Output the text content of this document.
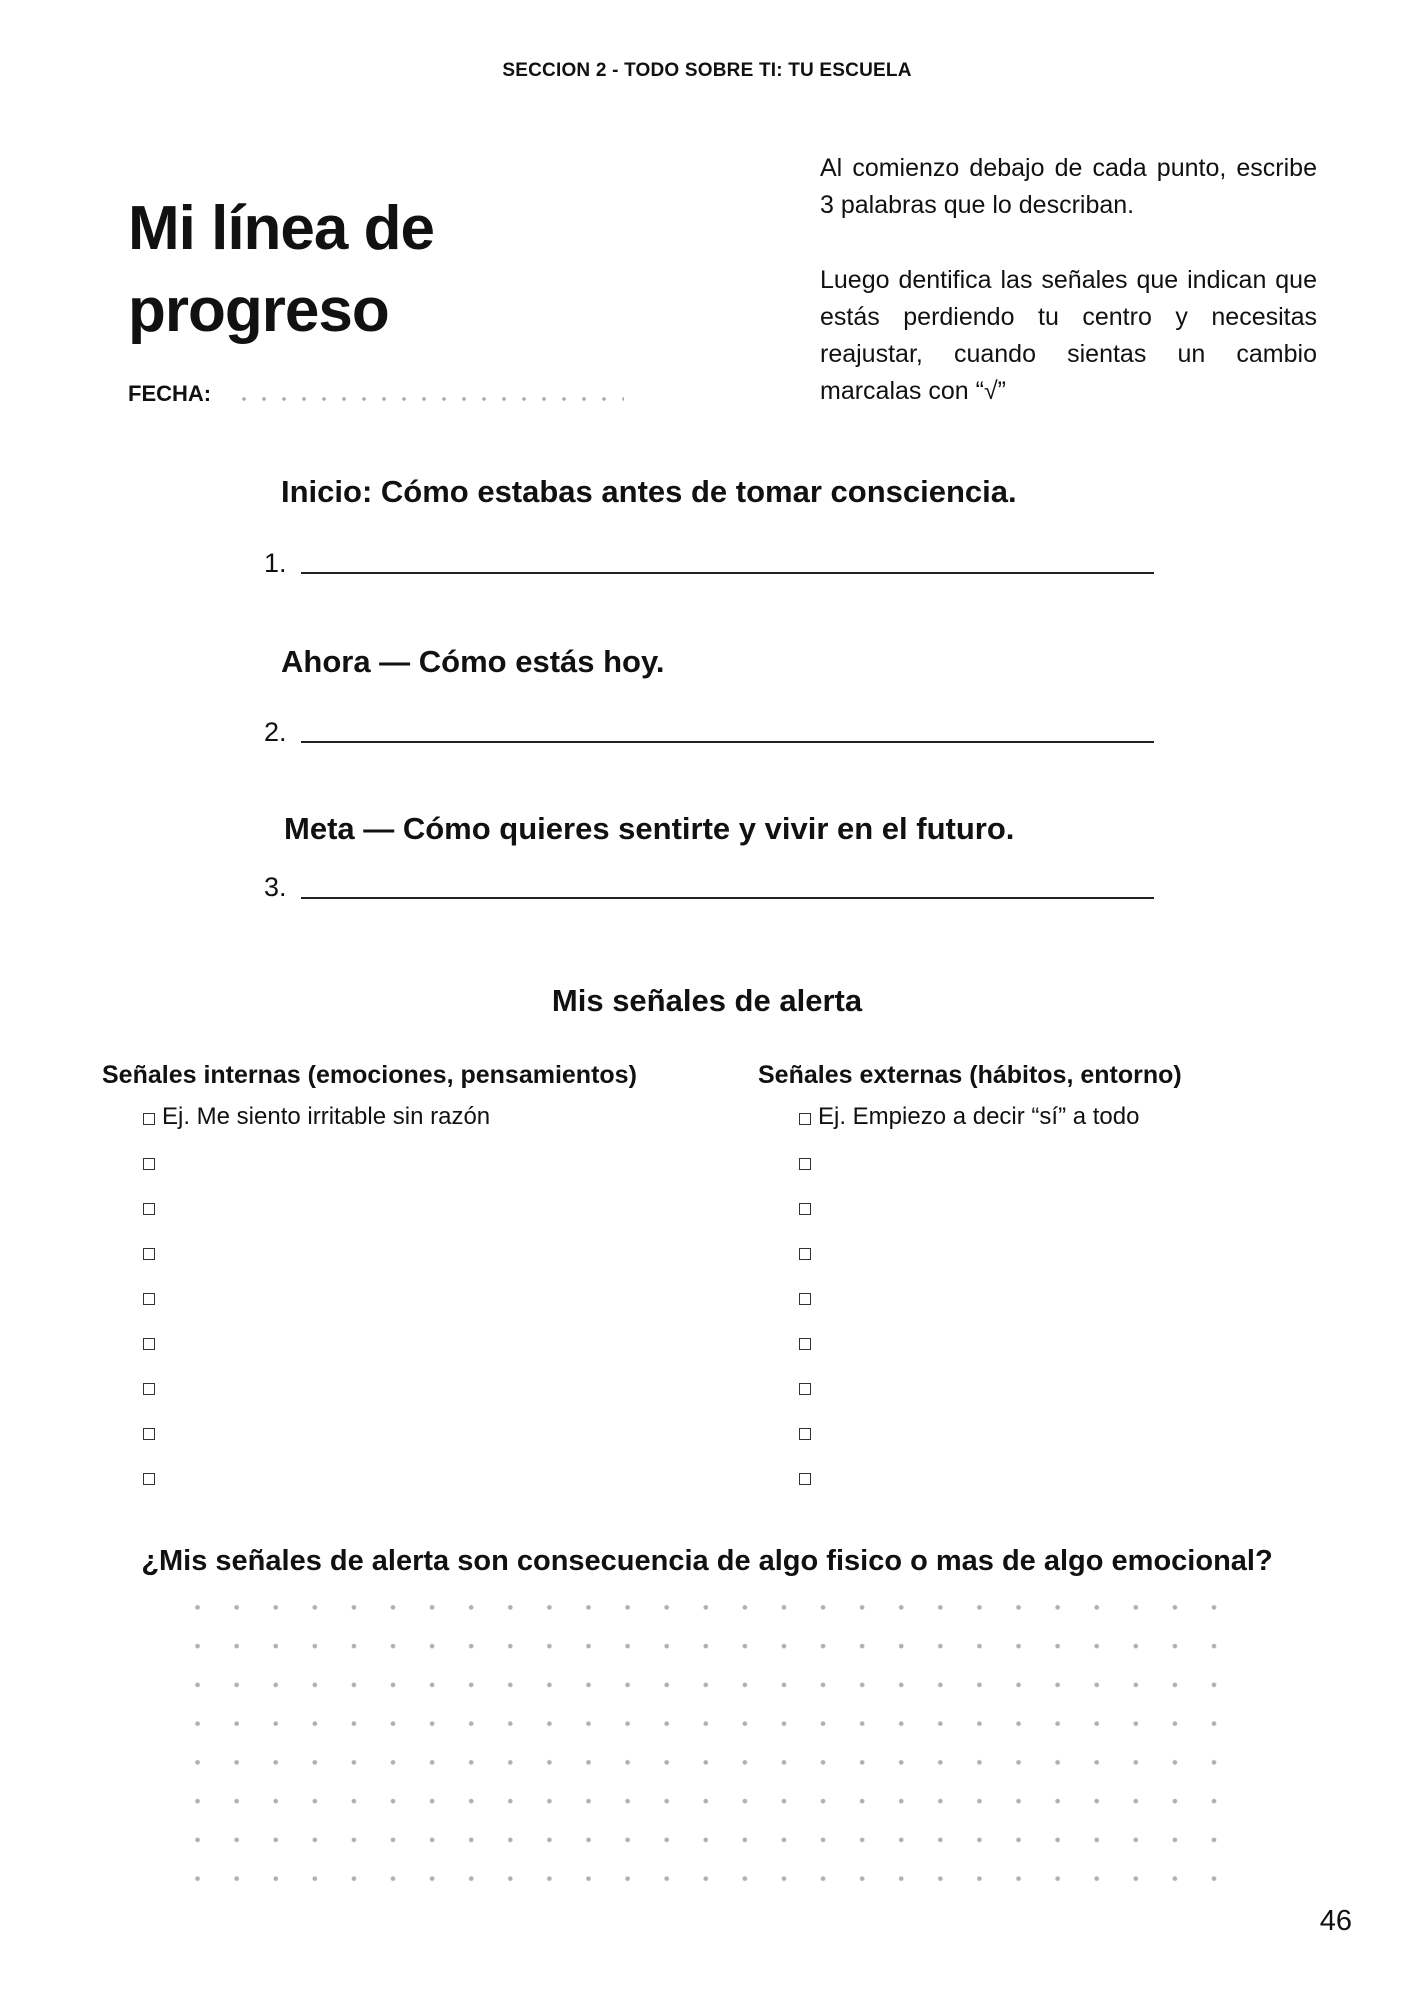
SECCION 2 - TODO SOBRE TI: TU ESCUELA
Mi línea de
progreso
FECHA:
Al comienzo debajo de cada punto, escribe 3 palabras que lo describan.
Luego dentifica las señales que indican que estás perdiendo tu centro y necesitas reajustar, cuando sientas un cambio marcalas con “√”
Inicio: Cómo estabas antes de tomar consciencia.
1.
Ahora — Cómo estás hoy.
2.
Meta — Cómo quieres sentirte y vivir en el futuro.
3.
Mis señales de alerta
Señales internas (emociones, pensamientos)
Ej. Me siento irritable sin razón
Señales externas (hábitos, entorno)
Ej. Empiezo a decir “sí” a todo
¿Mis señales de alerta son consecuencia de algo fisico o mas de algo emocional?
46
